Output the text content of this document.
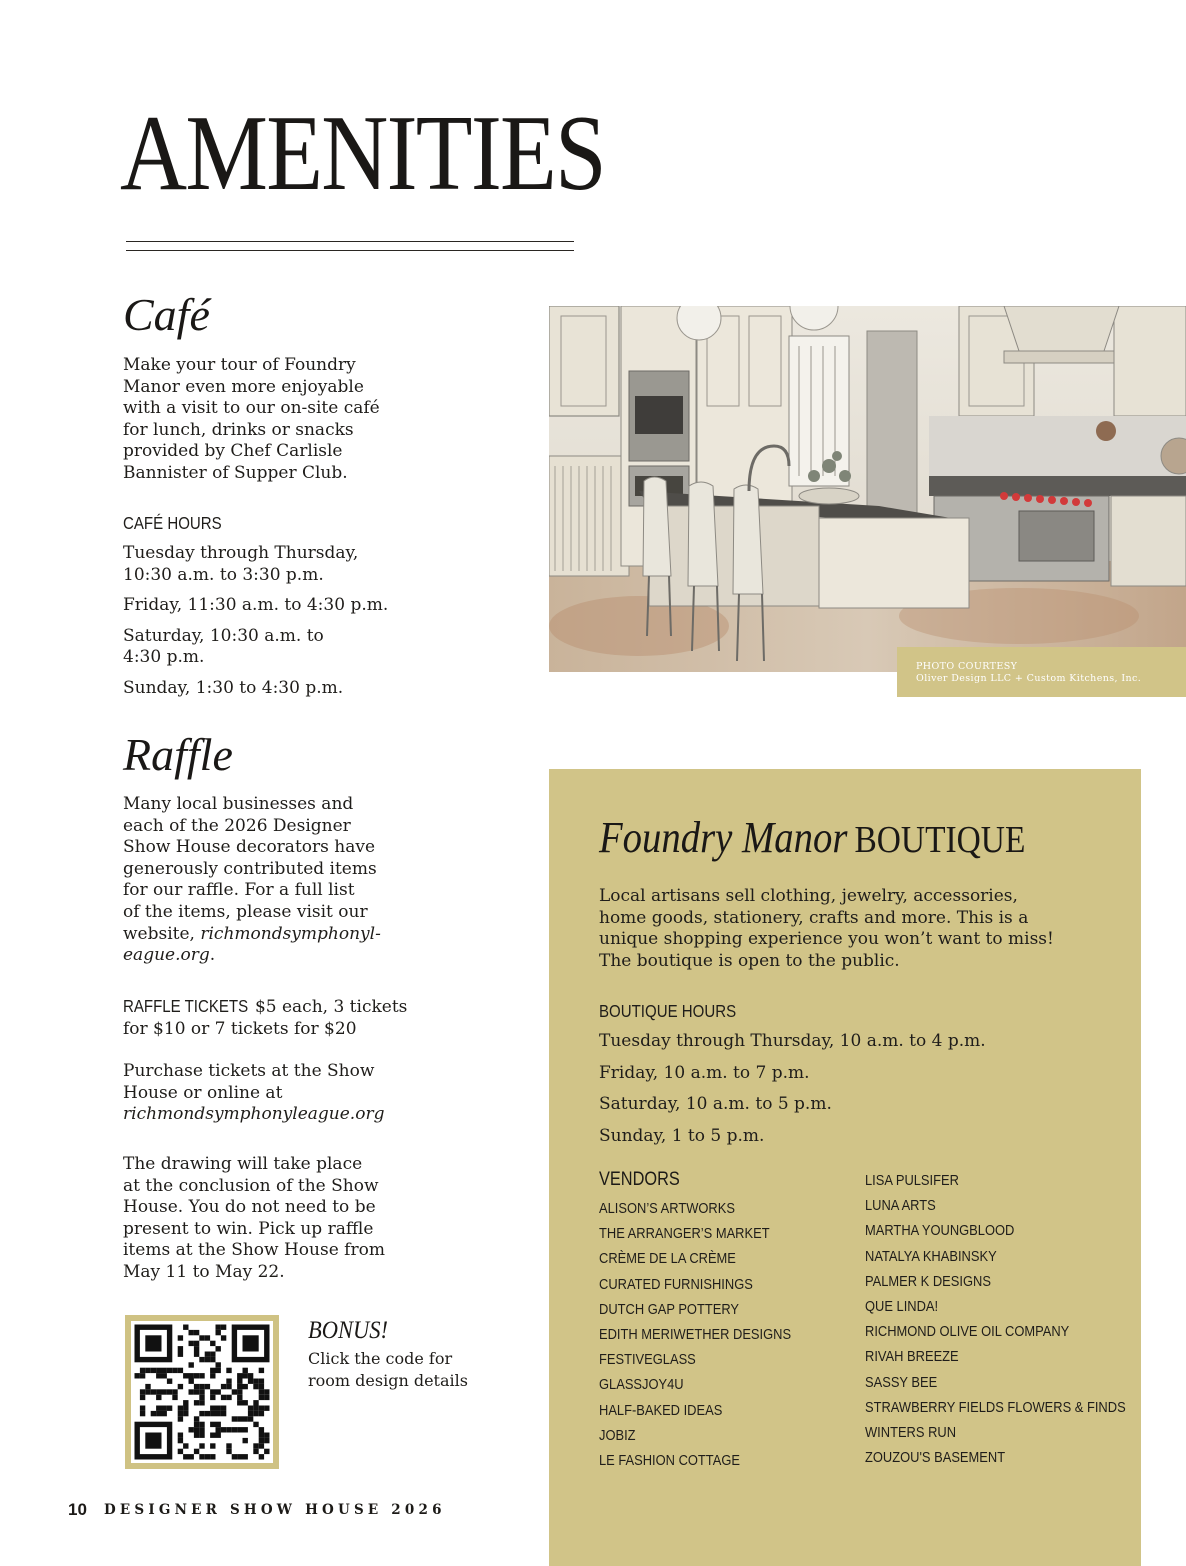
AMENITIES
Café
Make your tour of Foundry
Manor even more enjoyable
with a visit to our on-site café
for lunch, drinks or snacks
provided by Chef Carlisle
Bannister of Supper Club.
CAFÉ HOURS
Tuesday through Thursday,
10:30 a.m. to 3:30 p.m.
Friday, 11:30 a.m. to 4:30 p.m.
Saturday, 10:30 a.m. to
4:30 p.m.
Sunday, 1:30 to 4:30 p.m.
Raffle
Many local businesses and
each of the 2026 Designer
Show House decorators have
generously contributed items
for our raffle. For a full list
of the items, please visit our
website, richmondsymphonyl-
eague.org.
RAFFLE TICKETS $5 each, 3 tickets
for $10 or 7 tickets for $20
Purchase tickets at the Show
House or online at
richmondsymphonyleague.org
The drawing will take place
at the conclusion of the Show
House. You do not need to be
present to win. Pick up raffle
items at the Show House from
May 11 to May 22.
BONUS!
Click the code for
room design details
PHOTO COURTESY
Oliver Design LLC + Custom Kitchens, Inc.
Foundry Manor BOUTIQUE
Local artisans sell clothing, jewelry, accessories,
home goods, stationery, crafts and more. This is a
unique shopping experience you won’t want to miss!
The boutique is open to the public.
BOUTIQUE HOURS
Tuesday through Thursday, 10 a.m. to 4 p.m.
Friday, 10 a.m. to 7 p.m.
Saturday, 10 a.m. to 5 p.m.
Sunday, 1 to 5 p.m.
VENDORS
ALISON’S ARTWORKS
THE ARRANGER’S MARKET
CRÈME DE LA CRÈME
CURATED FURNISHINGS
DUTCH GAP POTTERY
EDITH MERIWETHER DESIGNS
FESTIVEGLASS
GLASSJOY4U
HALF-BAKED IDEAS
JOBIZ
LE FASHION COTTAGE
LISA PULSIFER
LUNA ARTS
MARTHA YOUNGBLOOD
NATALYA KHABINSKY
PALMER K DESIGNS
QUE LINDA!
RICHMOND OLIVE OIL COMPANY
RIVAH BREEZE
SASSY BEE
STRAWBERRY FIELDS FLOWERS & FINDS
WINTERS RUN
ZOUZOU'S BASEMENT
10 DESIGNER SHOW HOUSE 2026
